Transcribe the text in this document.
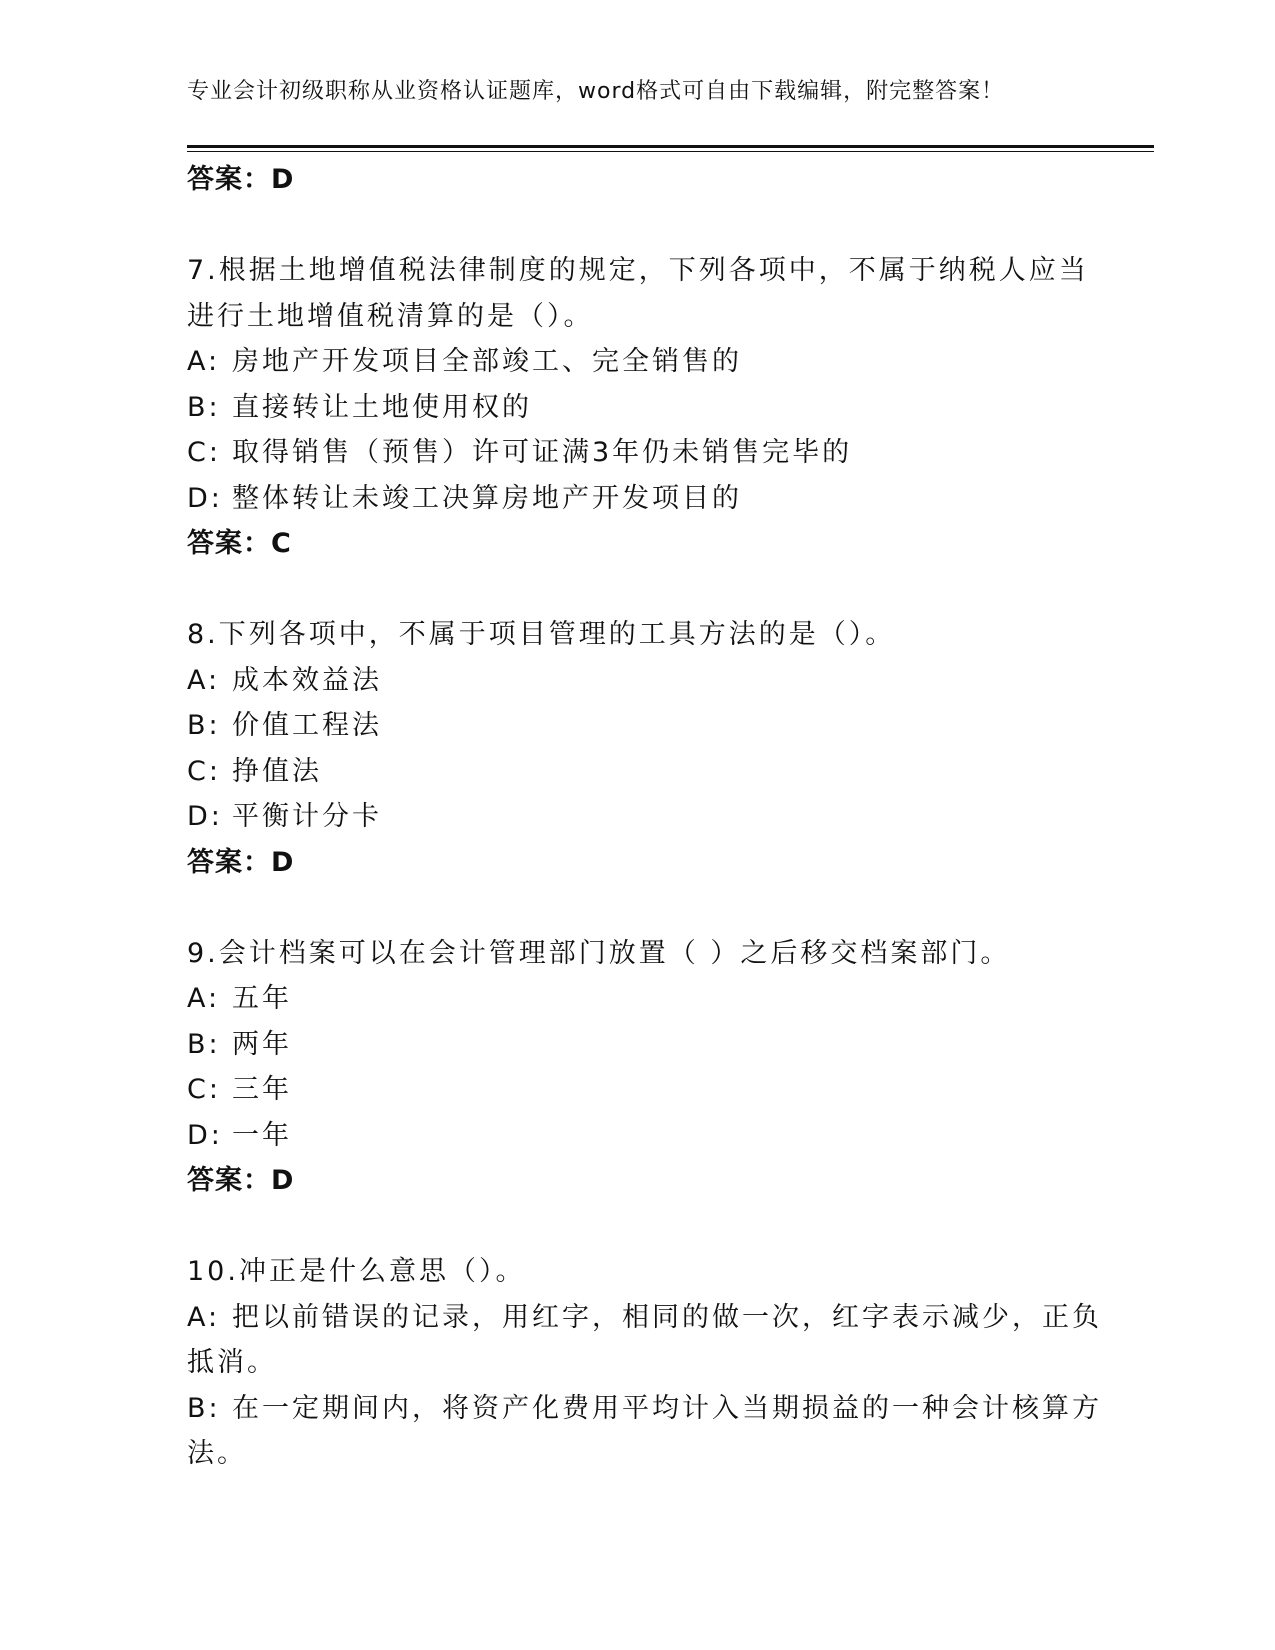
专业会计初级职称从业资格认证题库，word格式可自由下载编辑，附完整答案！
答案：D
7.根据土地增值税法律制度的规定，下列各项中，不属于纳税人应当
进行土地增值税清算的是（）。
A: 房地产开发项目全部竣工、完全销售的
B: 直接转让土地使用权的
C: 取得销售（预售）许可证满3年仍未销售完毕的
D: 整体转让未竣工决算房地产开发项目的
答案：C
8.下列各项中，不属于项目管理的工具方法的是（）。
A: 成本效益法
B: 价值工程法
C: 挣值法
D: 平衡计分卡
答案：D
9.会计档案可以在会计管理部门放置（ ）之后移交档案部门。
A: 五年
B: 两年
C: 三年
D: 一年
答案：D
10.冲正是什么意思（）。
A: 把以前错误的记录，用红字，相同的做一次，红字表示减少，正负
抵消。
B: 在一定期间内，将资产化费用平均计入当期损益的一种会计核算方
法。
